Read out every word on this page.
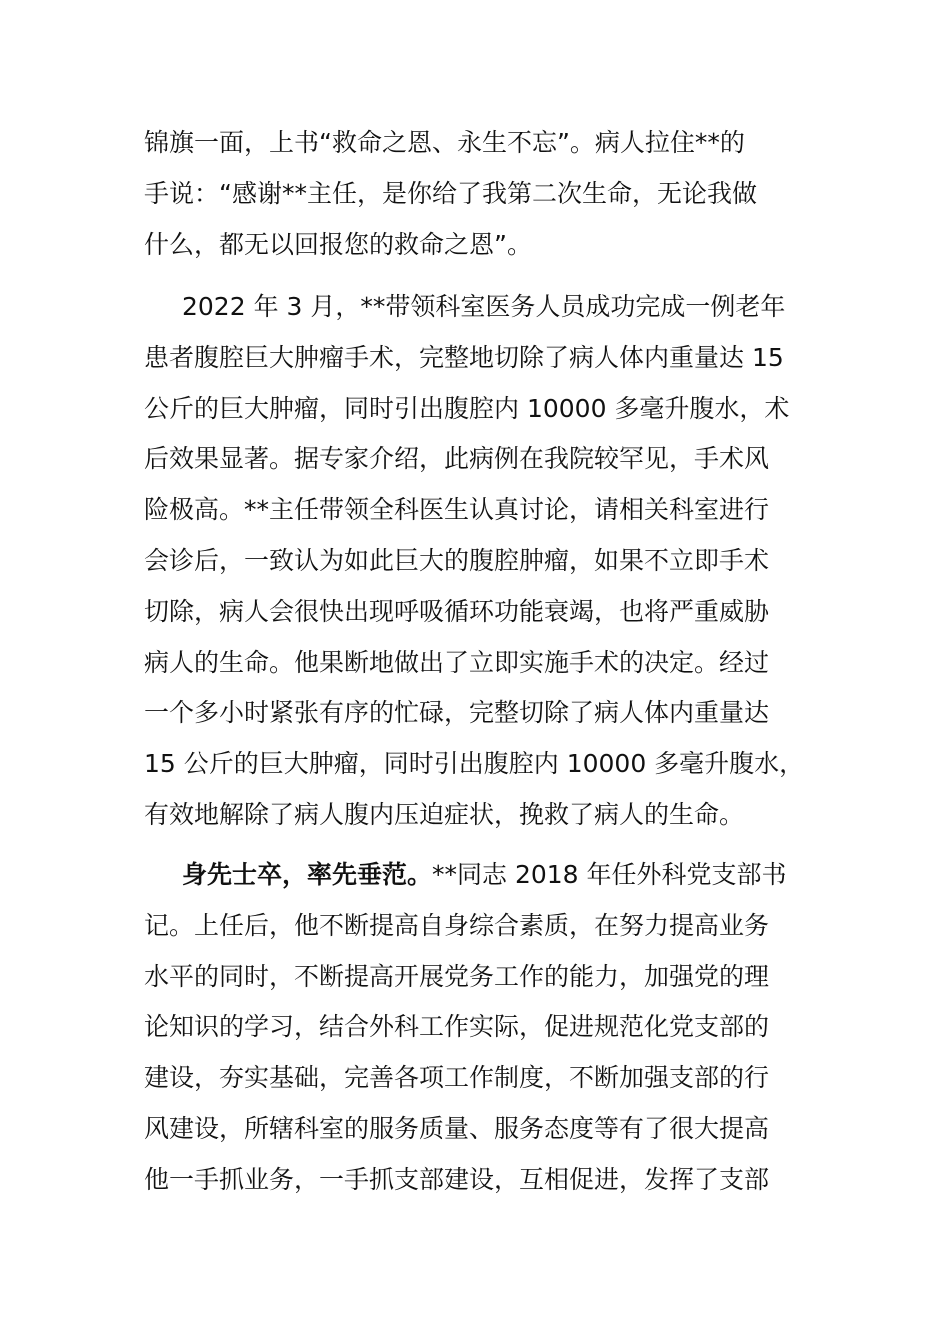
锦旗一面，上书“救命之恩、永生不忘”。病人拉住**的
手说：“感谢**主任，是你给了我第二次生命，无论我做
什么，都无以回报您的救命之恩”。
2022 年 3 月，**带领科室医务人员成功完成一例老年
患者腹腔巨大肿瘤手术，完整地切除了病人体内重量达 15
公斤的巨大肿瘤，同时引出腹腔内 10000 多毫升腹水，术
后效果显著。据专家介绍，此病例在我院较罕见，手术风
险极高。**主任带领全科医生认真讨论，请相关科室进行
会诊后，一致认为如此巨大的腹腔肿瘤，如果不立即手术
切除，病人会很快出现呼吸循环功能衰竭，也将严重威胁
病人的生命。他果断地做出了立即实施手术的决定。经过
一个多小时紧张有序的忙碌，完整切除了病人体内重量达
15 公斤的巨大肿瘤，同时引出腹腔内 10000 多毫升腹水，
有效地解除了病人腹内压迫症状，挽救了病人的生命。
身先士卒，率先垂范。**同志 2018 年任外科党支部书
记。上任后，他不断提高自身综合素质，在努力提高业务
水平的同时，不断提高开展党务工作的能力，加强党的理
论知识的学习，结合外科工作实际，促进规范化党支部的
建设，夯实基础，完善各项工作制度，不断加强支部的行
风建设，所辖科室的服务质量、服务态度等有了很大提高
他一手抓业务，一手抓支部建设，互相促进，发挥了支部
